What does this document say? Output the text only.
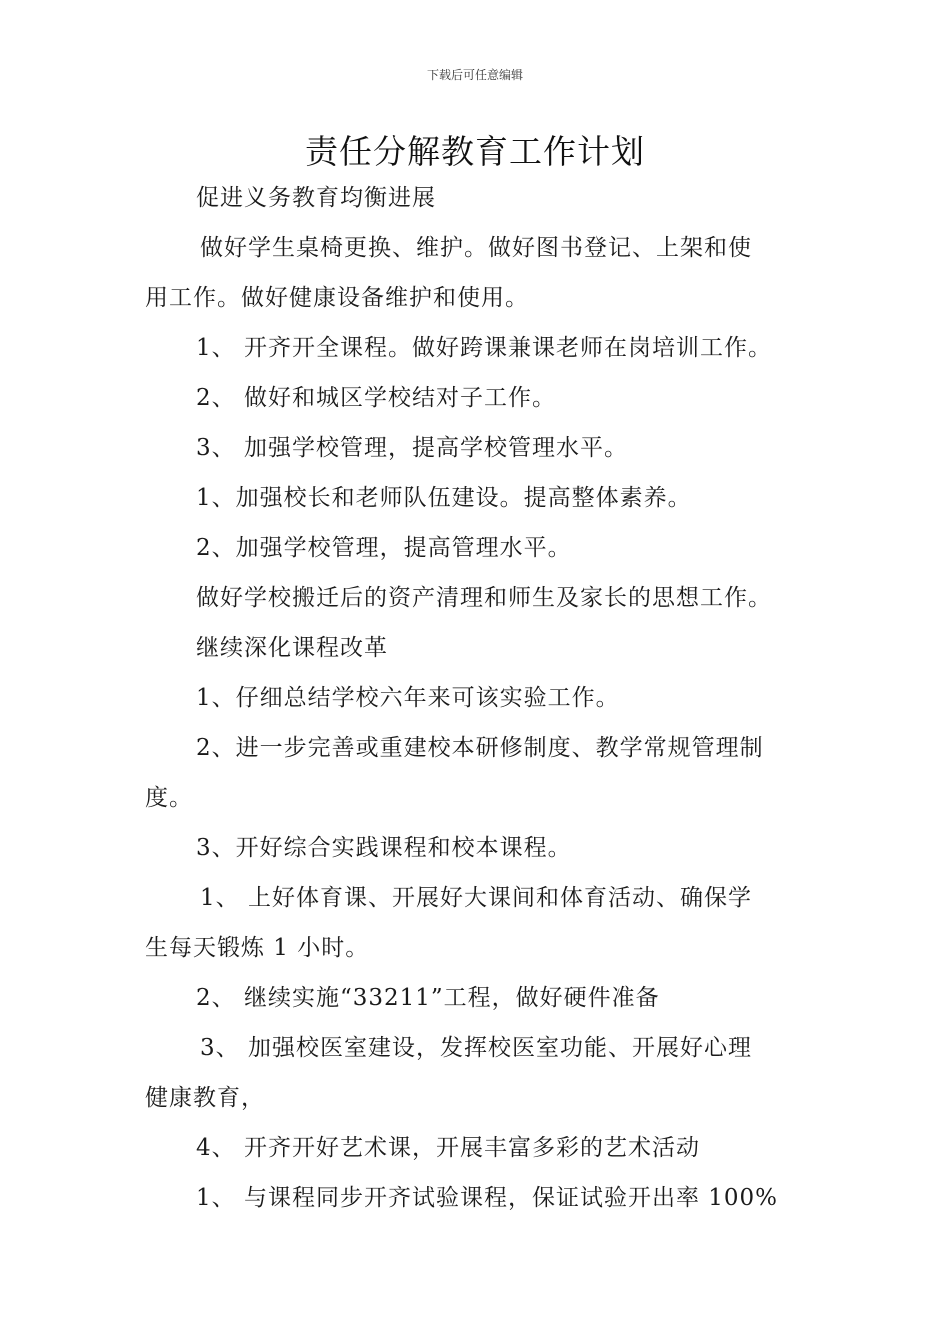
下载后可任意编辑
责任分解教育工作计划
促进义务教育均衡进展
做好学生桌椅更换、维护。做好图书登记、上架和使
用工作。做好健康设备维护和使用。
1、 开齐开全课程。做好跨课兼课老师在岗培训工作。
2、 做好和城区学校结对子工作。
3、 加强学校管理，提高学校管理水平。
1、加强校长和老师队伍建设。提高整体素养。
2、加强学校管理，提高管理水平。
做好学校搬迁后的资产清理和师生及家长的思想工作。
继续深化课程改革
1、仔细总结学校六年来可该实验工作。
2、进一步完善或重建校本研修制度、教学常规管理制
度。
3、开好综合实践课程和校本课程。
1、 上好体育课、开展好大课间和体育活动、确保学
生每天锻炼 1 小时。
2、 继续实施“33211”工程，做好硬件准备
3、 加强校医室建设，发挥校医室功能、开展好心理
健康教育，
4、 开齐开好艺术课，开展丰富多彩的艺术活动
1、 与课程同步开齐试验课程，保证试验开出率 100%
